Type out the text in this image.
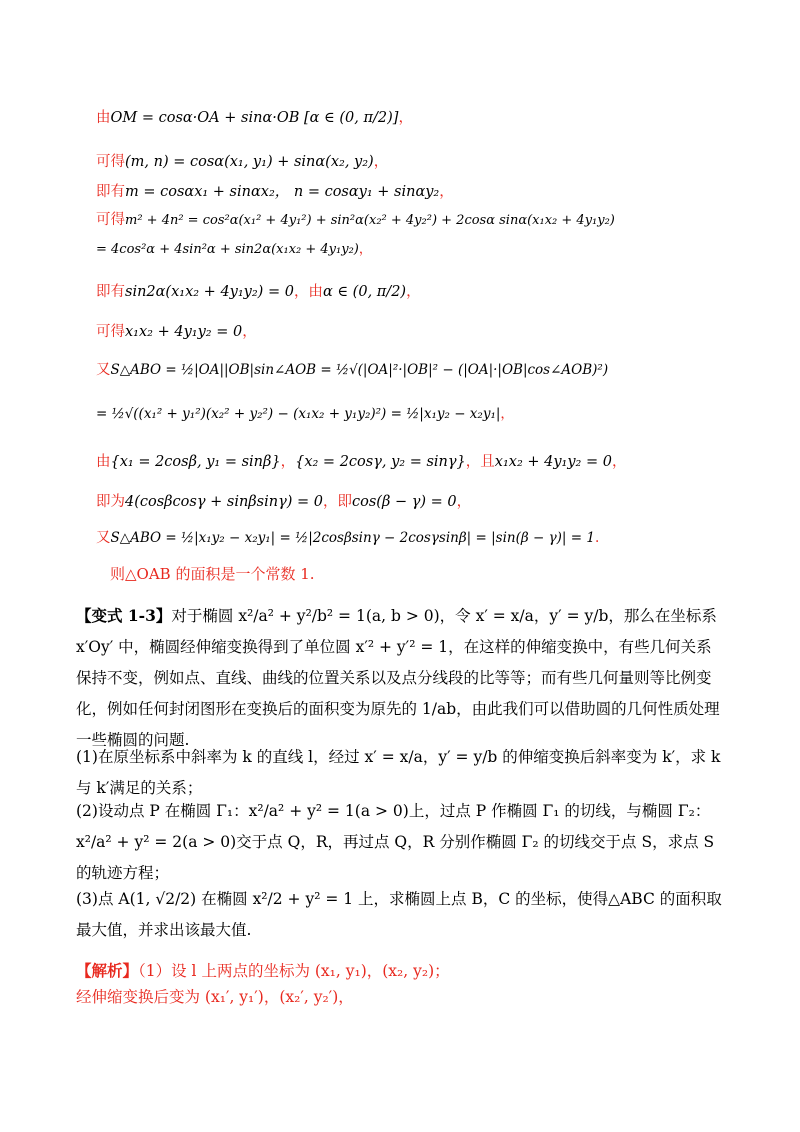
由OM = cosα·OA + sinα·OB [α ∈ (0, π/2)]，
可得(m, n) = cosα(x₁, y₁) + sinα(x₂, y₂)，
即有m = cosαx₁ + sinαx₂， n = cosαy₁ + sinαy₂，
可得m² + 4n² = cos²α(x₁² + 4y₁²) + sin²α(x₂² + 4y₂²) + 2cosα sinα(x₁x₂ + 4y₁y₂)
= 4cos²α + 4sin²α + sin2α(x₁x₂ + 4y₁y₂)，
即有sin2α(x₁x₂ + 4y₁y₂) = 0，由α ∈ (0, π/2)，
可得x₁x₂ + 4y₁y₂ = 0，
又S△ABO = ½|OA||OB|sin∠AOB = ½√(|OA|²·|OB|² − (|OA|·|OB|cos∠AOB)²)
= ½√((x₁² + y₁²)(x₂² + y₂²) − (x₁x₂ + y₁y₂)²) = ½|x₁y₂ − x₂y₁|，
由{x₁ = 2cosβ, y₁ = sinβ}，{x₂ = 2cosγ, y₂ = sinγ}，且x₁x₂ + 4y₁y₂ = 0，
即为4(cosβcosγ + sinβsinγ) = 0，即cos(β − γ) = 0，
又S△ABO = ½|x₁y₂ − x₂y₁| = ½|2cosβsinγ − 2cosγsinβ| = |sin(β − γ)| = 1.
则△OAB 的面积是一个常数 1.
【变式 1-3】对于椭圆 x²/a² + y²/b² = 1(a, b > 0)，令 x′ = x/a，y′ = y/b，那么在坐标系 x′Oy′ 中，椭圆经伸缩变换得到了单位圆 x′² + y′² = 1，在这样的伸缩变换中，有些几何关系保持不变，例如点、直线、曲线的位置关系以及点分线段的比等等；而有些几何量则等比例变化，例如任何封闭图形在变换后的面积变为原先的 1/ab，由此我们可以借助圆的几何性质处理一些椭圆的问题.
(1)在原坐标系中斜率为 k 的直线 l，经过 x′ = x/a，y′ = y/b 的伸缩变换后斜率变为 k′，求 k 与 k′满足的关系；
(2)设动点 P 在椭圆 Γ₁：x²/a² + y² = 1(a > 0)上，过点 P 作椭圆 Γ₁ 的切线，与椭圆 Γ₂：x²/a² + y² = 2(a > 0)交于点 Q，R，再过点 Q，R 分别作椭圆 Γ₂ 的切线交于点 S，求点 S 的轨迹方程；
(3)点 A(1, √2/2) 在椭圆 x²/2 + y² = 1 上，求椭圆上点 B，C 的坐标，使得△ABC 的面积取最大值，并求出该最大值.
【解析】（1）设 l 上两点的坐标为 (x₁, y₁)，(x₂, y₂)；
经伸缩变换后变为 (x₁′, y₁′)，(x₂′, y₂′)，
